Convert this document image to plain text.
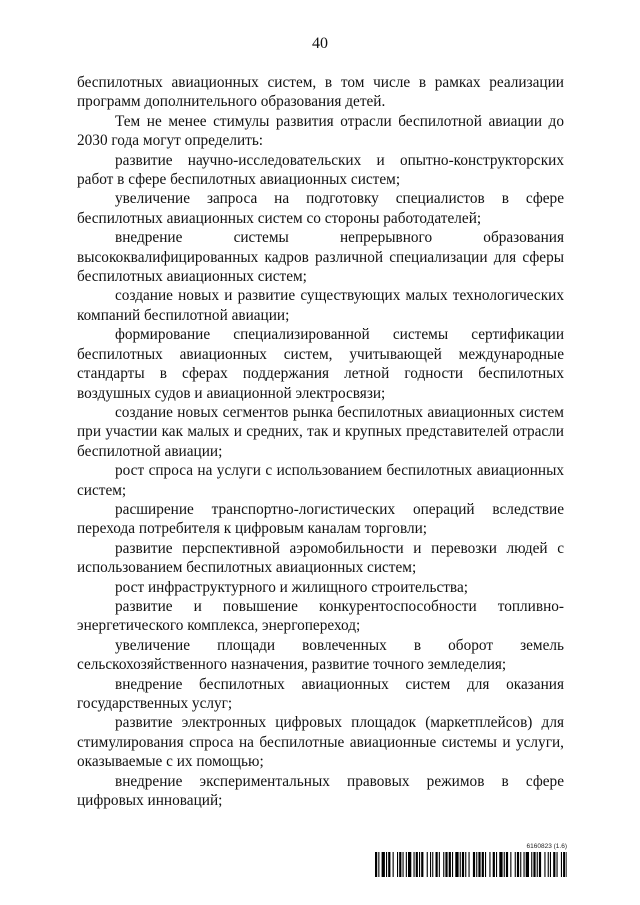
40

беспилотных авиационных систем, в том числе в рамках реализации программ дополнительного образования детей.

Тем не менее стимулы развития отрасли беспилотной авиации до 2030 года могут определить:

развитие научно-исследовательских и опытно-конструкторских работ в сфере беспилотных авиационных систем;

увеличение запроса на подготовку специалистов в сфере беспилотных авиационных систем со стороны работодателей;

внедрение системы непрерывного образования высококвалифицированных кадров различной специализации для сферы беспилотных авиационных систем;

создание новых и развитие существующих малых технологических компаний беспилотной авиации;

формирование специализированной системы сертификации беспилотных авиационных систем, учитывающей международные стандарты в сферах поддержания летной годности беспилотных воздушных судов и авиационной электросвязи;

создание новых сегментов рынка беспилотных авиационных систем при участии как малых и средних, так и крупных представителей отрасли беспилотной авиации;

рост спроса на услуги с использованием беспилотных авиационных систем;

расширение транспортно-логистических операций вследствие перехода потребителя к цифровым каналам торговли;

развитие перспективной аэромобильности и перевозки людей с использованием беспилотных авиационных систем;

рост инфраструктурного и жилищного строительства;

развитие и повышение конкурентоспособности топливно-энергетического комплекса, энергопереход;

увеличение площади вовлеченных в оборот земель сельскохозяйственного назначения, развитие точного земледелия;

внедрение беспилотных авиационных систем для оказания государственных услуг;

развитие электронных цифровых площадок (маркетплейсов) для стимулирования спроса на беспилотные авиационные системы и услуги, оказываемые с их помощью;

внедрение экспериментальных правовых режимов в сфере цифровых инноваций;

6160823 (1.6)
